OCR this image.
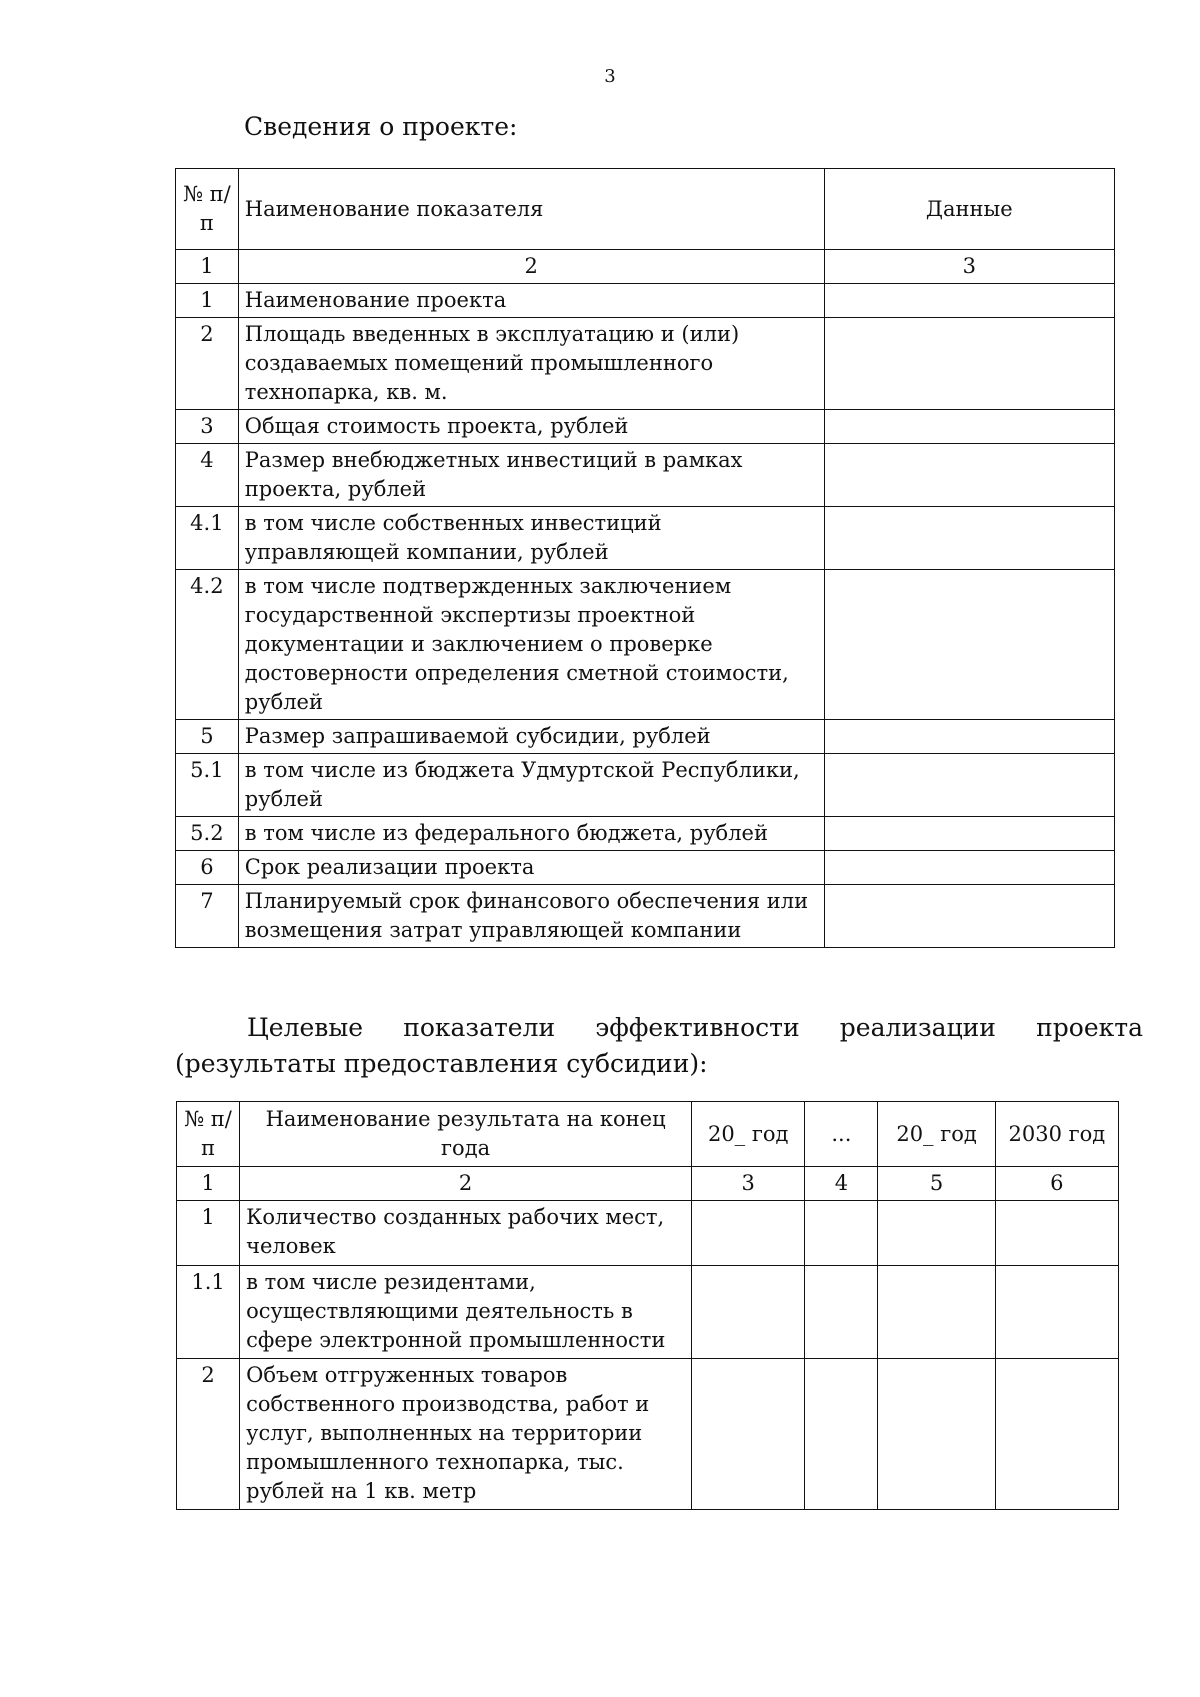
3
Сведения о проекте:
№ п/п	Наименование показателя	Данные
1	2	3
1	Наименование проекта	
2	Площадь введенных в эксплуатацию и (или) создаваемых помещений промышленного технопарка, кв. м.	
3	Общая стоимость проекта, рублей	
4	Размер внебюджетных инвестиций в рамках проекта, рублей	
4.1	в том числе собственных инвестиций управляющей компании, рублей	
4.2	в том числе подтвержденных заключением государственной экспертизы проектной документации и заключением о проверке достоверности определения сметной стоимости, рублей	
5	Размер запрашиваемой субсидии, рублей	
5.1	в том числе из бюджета Удмуртской Республики, рублей	
5.2	в том числе из федерального бюджета, рублей	
6	Срок реализации проекта	
7	Планируемый срок финансового обеспечения или возмещения затрат управляющей компании	
Целевые показатели эффективности реализации проекта (результаты предоставления субсидии):
№ п/п	Наименование результата на конец года	20_ год	...	20_ год	2030 год
1	2	3	4	5	6
1	Количество созданных рабочих мест, человек				
1.1	в том числе резидентами, осуществляющими деятельность в сфере электронной промышленности				
2	Объем отгруженных товаров собственного производства, работ и услуг, выполненных на территории промышленного технопарка, тыс. рублей на 1 кв. метр				
